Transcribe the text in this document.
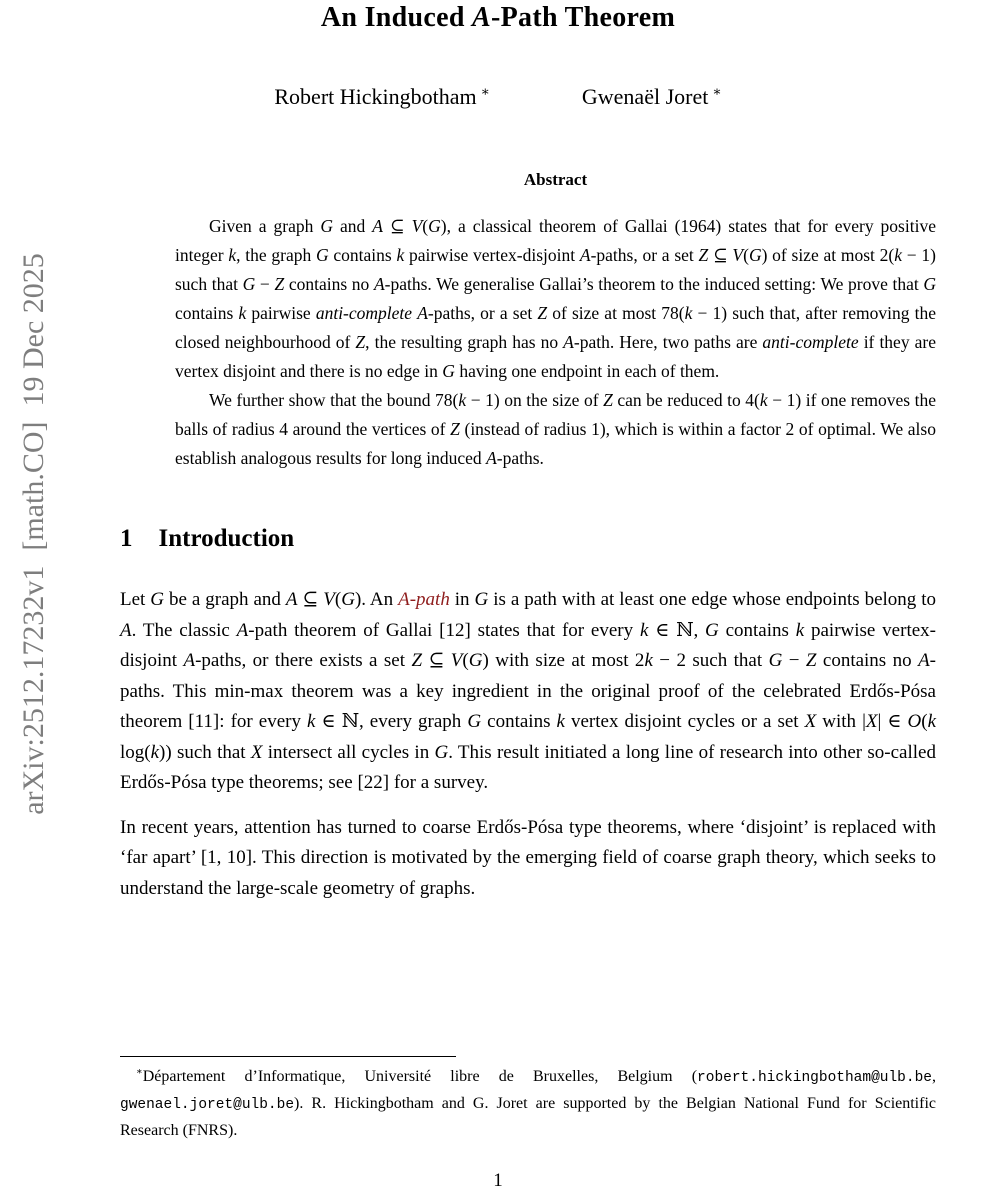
arXiv:2512.17232v1  [math.CO]  19 Dec 2025
An Induced A-Path Theorem
Robert Hickingbotham ∗	Gwenaël Joret ∗
Abstract

Given a graph G and A ⊆ V(G), a classical theorem of Gallai (1964) states that for every positive integer k, the graph G contains k pairwise vertex-disjoint A-paths, or a set Z ⊆ V(G) of size at most 2(k − 1) such that G − Z contains no A-paths. We generalise Gallai’s theorem to the induced setting: We prove that G contains k pairwise anti-complete A-paths, or a set Z of size at most 78(k − 1) such that, after removing the closed neighbourhood of Z, the resulting graph has no A-path. Here, two paths are anti-complete if they are vertex disjoint and there is no edge in G having one endpoint in each of them.

We further show that the bound 78(k − 1) on the size of Z can be reduced to 4(k − 1) if one removes the balls of radius 4 around the vertices of Z (instead of radius 1), which is within a factor 2 of optimal. We also establish analogous results for long induced A-paths.

1 Introduction

Let G be a graph and A ⊆ V(G). An A-path in G is a path with at least one edge whose endpoints belong to A. The classic A-path theorem of Gallai [12] states that for every k ∈ ℕ, G contains k pairwise vertex-disjoint A-paths, or there exists a set Z ⊆ V(G) with size at most 2k − 2 such that G − Z contains no A-paths. This min-max theorem was a key ingredient in the original proof of the celebrated Erdős-Pósa theorem [11]: for every k ∈ ℕ, every graph G contains k vertex disjoint cycles or a set X with |X| ∈ O(k log(k)) such that X intersect all cycles in G. This result initiated a long line of research into other so-called Erdős-Pósa type theorems; see [22] for a survey.

In recent years, attention has turned to coarse Erdős-Pósa type theorems, where ‘disjoint’ is replaced with ‘far apart’ [1, 10]. This direction is motivated by the emerging field of coarse graph theory, which seeks to understand the large-scale geometry of graphs.

∗Département d’Informatique, Université libre de Bruxelles, Belgium (robert.hickingbotham@ulb.be, gwenael.joret@ulb.be). R. Hickingbotham and G. Joret are supported by the Belgian National Fund for Scientific Research (FNRS).

1
